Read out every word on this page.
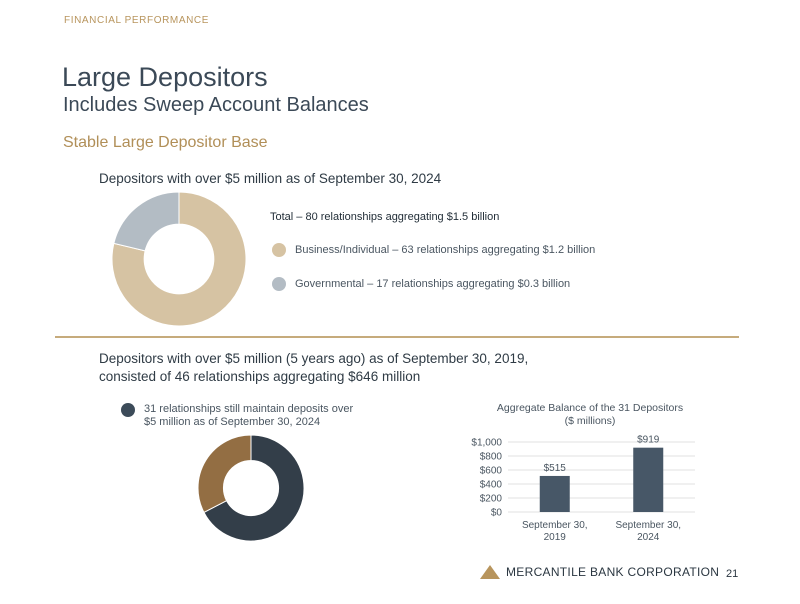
FINANCIAL PERFORMANCE
Large Depositors
Includes Sweep Account Balances
Stable Large Depositor Base
Depositors with over $5 million as of September 30, 2024
Total – 80 relationships aggregating $1.5 billion
Business/Individual – 63 relationships aggregating $1.2 billion
Governmental – 17 relationships aggregating $0.3 billion
Depositors with over $5 million (5 years ago) as of September 30, 2019,
consisted of 46 relationships aggregating $646 million
31 relationships still maintain deposits over
$5 million as of September 30, 2024
Aggregate Balance of the 31 Depositors
($ millions)
$0
$200
$400
$600
$800
$1,000
$515
September 30,
2019
$919
September 30,
2024
MERCANTILE BANK CORPORATION 21
